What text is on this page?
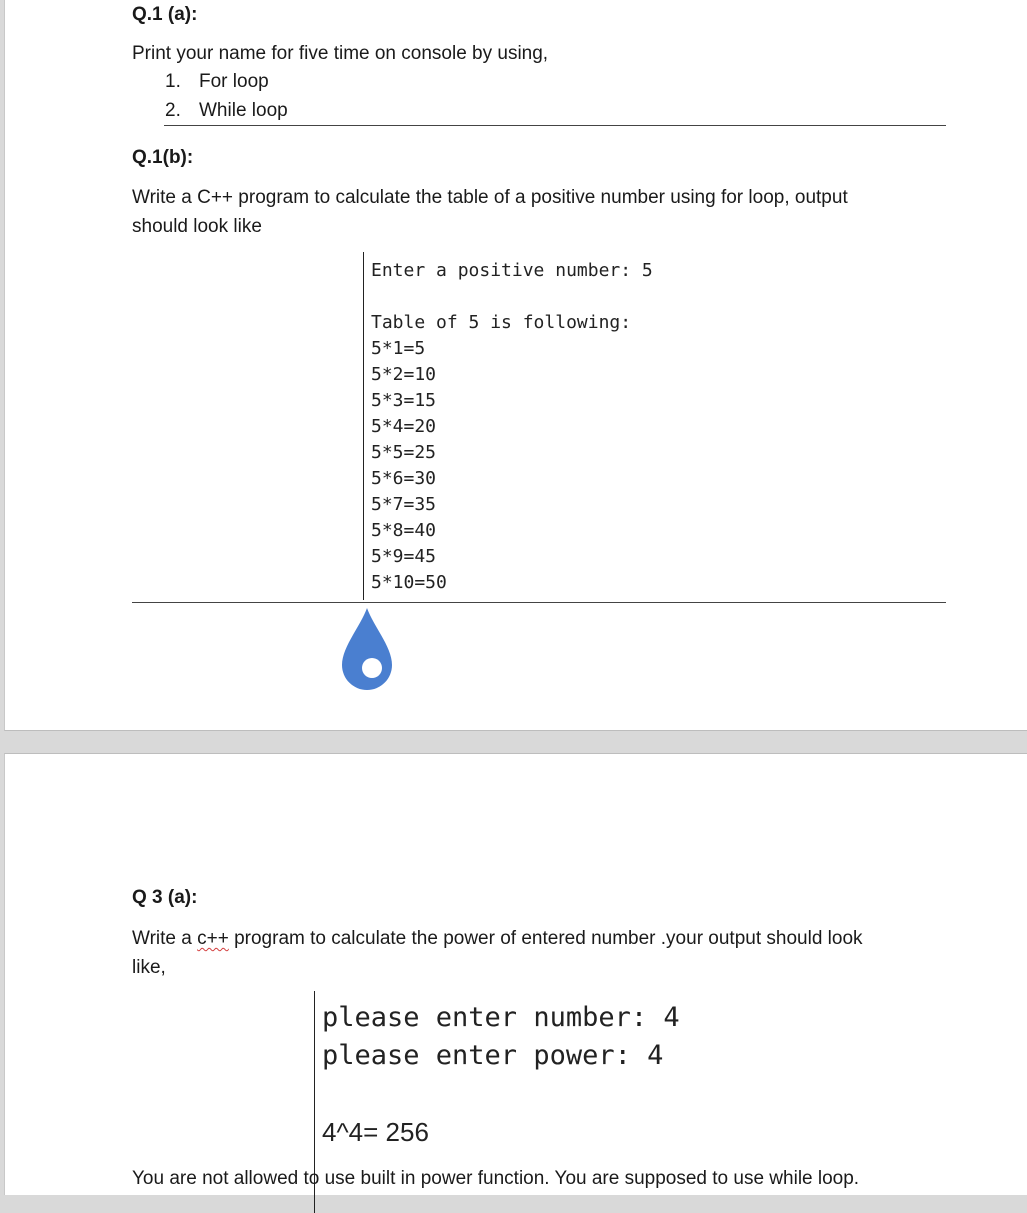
Q.1 (a):
Print your name for five time on console by using,
1. For loop
2. While loop
Q.1(b):
Write a C++ program to calculate the table of a positive number using for loop, output
should look like
Enter a positive number: 5
Table of 5 is following:
5*1=5
5*2=10
5*3=15
5*4=20
5*5=25
5*6=30
5*7=35
5*8=40
5*9=45
5*10=50
Q 3 (a):
Write a c++ program to calculate the power of entered number .your output should look
like,
please enter number: 4
please enter power: 4
4^4= 256
You are not allowed to use built in power function. You are supposed to use while loop.
